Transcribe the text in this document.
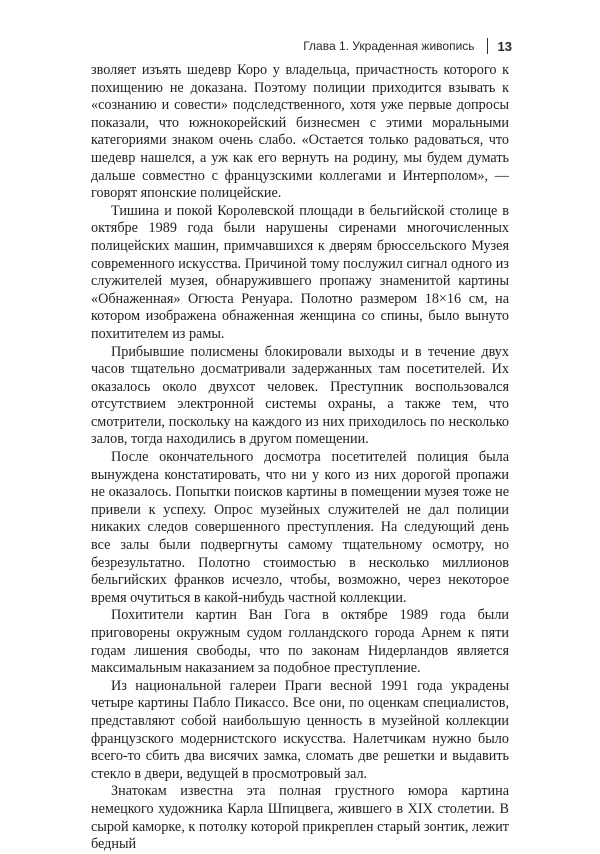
Глава 1. Украденная живопись 13

зволяет изъять шедевр Коро у владельца, причастность которого к похищению не доказана. Поэтому полиции приходится взывать к «сознанию и совести» подследственного, хотя уже первые допросы показали, что южнокорейский бизнесмен с этими моральными категориями знаком очень слабо. «Остается только радоваться, что шедевр нашелся, а уж как его вернуть на родину, мы будем думать дальше совместно с французскими коллегами и Интерполом», — говорят японские полицейские.

Тишина и покой Королевской площади в бельгийской столице в октябре 1989 года были нарушены сиренами многочисленных полицейских машин, примчавшихся к дверям брюссельского Музея современного искусства. Причиной тому послужил сигнал одного из служителей музея, обнаружившего пропажу знаменитой картины «Обнаженная» Огюста Ренуара. Полотно размером 18×16 см, на котором изображена обнаженная женщина со спины, было вынуто похитителем из рамы.

Прибывшие полисмены блокировали выходы и в течение двух часов тщательно досматривали задержанных там посетителей. Их оказалось около двухсот человек. Преступник воспользовался отсутствием электронной системы охраны, а также тем, что смотрители, поскольку на каждого из них приходилось по несколько залов, тогда находились в другом помещении.

После окончательного досмотра посетителей полиция была вынуждена констатировать, что ни у кого из них дорогой пропажи не оказалось. Попытки поисков картины в помещении музея тоже не привели к успеху. Опрос музейных служителей не дал полиции никаких следов совершенного преступления. На следующий день все залы были подвергнуты самому тщательному осмотру, но безрезультатно. Полотно стоимостью в несколько миллионов бельгийских франков исчезло, чтобы, возможно, через некоторое время очутиться в какой-нибудь частной коллекции.

Похитители картин Ван Гога в октябре 1989 года были приговорены окружным судом голландского города Арнем к пяти годам лишения свободы, что по законам Нидерландов является максимальным наказанием за подобное преступление.

Из национальной галереи Праги весной 1991 года украдены четыре картины Пабло Пикассо. Все они, по оценкам специалистов, представляют собой наибольшую ценность в музейной коллекции французского модернистского искусства. Налетчикам нужно было всего-то сбить два висячих замка, сломать две решетки и выдавить стекло в двери, ведущей в просмотровый зал.

Знатокам известна эта полная грустного юмора картина немецкого художника Карла Шпицвега, жившего в XIX столетии. В сырой каморке, к потолку которой прикреплен старый зонтик, лежит бедный
